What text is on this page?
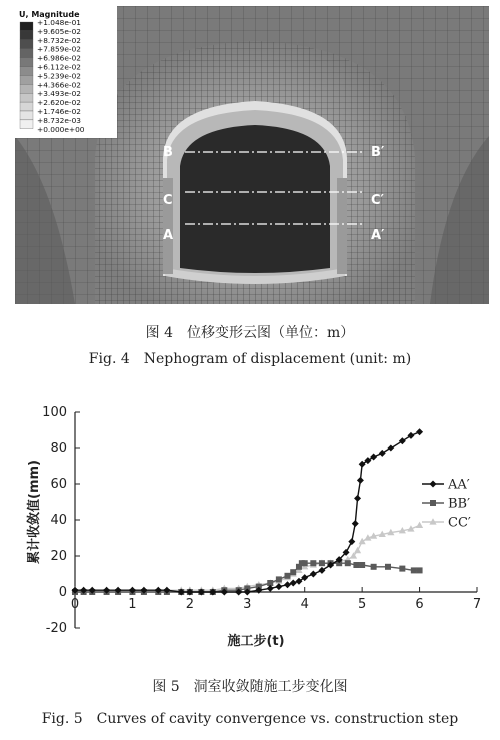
B	B′
C	C′
A	A′
U, Magnitude
+1.048e-01
+9.605e-02
+8.732e-02
+7.859e-02
+6.986e-02
+6.112e-02
+5.239e-02
+4.366e-02
+3.493e-02
+2.620e-02
+1.746e-02
+8.732e-03
+0.000e+00
图 4　位移变形云图（单位：m）
Fig. 4　Nephogram of displacement (unit: m)
-20
0
20
40
60
80
100
0	1	2	3	4	5	6	7
施工步(t)
累计收敛值(mm)	AA′
BB′
CC′
图 5　洞室收敛随施工步变化图
Fig. 5　Curves of cavity convergence vs. construction step
